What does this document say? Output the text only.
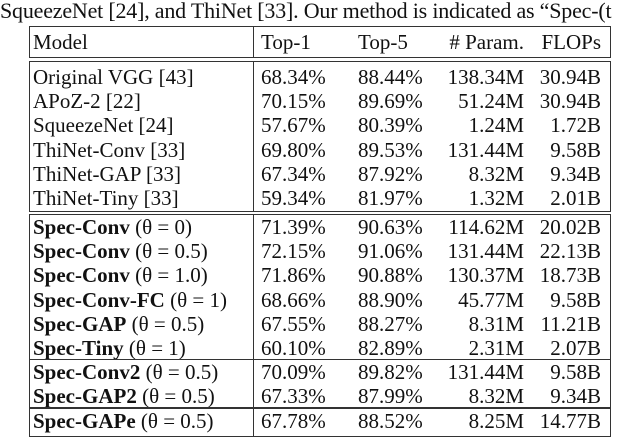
SqueezeNet [24], and ThiNet [33]. Our method is indicated as “Spec-(t
Model	Top-1 Top-5 # Param. FLOPs
Original VGG [43]	68.34% 88.44% 138.34M 30.94B
APoZ-2 [22]	70.15% 89.69% 51.24M 30.94B
SqueezeNet [24]	57.67% 80.39% 1.24M 1.72B
ThiNet-Conv [33]	69.80% 89.53% 131.44M 9.58B
ThiNet-GAP [33]	67.34% 87.92% 8.32M 9.34B
ThiNet-Tiny [33]	59.34% 81.97% 1.32M 2.01B
Spec-Conv (θ = 0)	71.39% 90.63% 114.62M 20.02B
Spec-Conv (θ = 0.5)	72.15% 91.06% 131.44M 22.13B
Spec-Conv (θ = 1.0)	71.86% 90.88% 130.37M 18.73B
Spec-Conv-FC (θ = 1) 68.66% 88.90% 45.77M 9.58B
Spec-GAP (θ = 0.5)	67.55% 88.27% 8.31M 11.21B
Spec-Tiny (θ = 1)	60.10% 82.89% 2.31M 2.07B
Spec-Conv2 (θ = 0.5) 70.09% 89.82% 131.44M 9.58B
Spec-GAP2 (θ = 0.5) 67.33% 87.99% 8.32M 9.34B
Spec-GAPe (θ = 0.5) 67.78% 88.52% 8.25M 14.77B
